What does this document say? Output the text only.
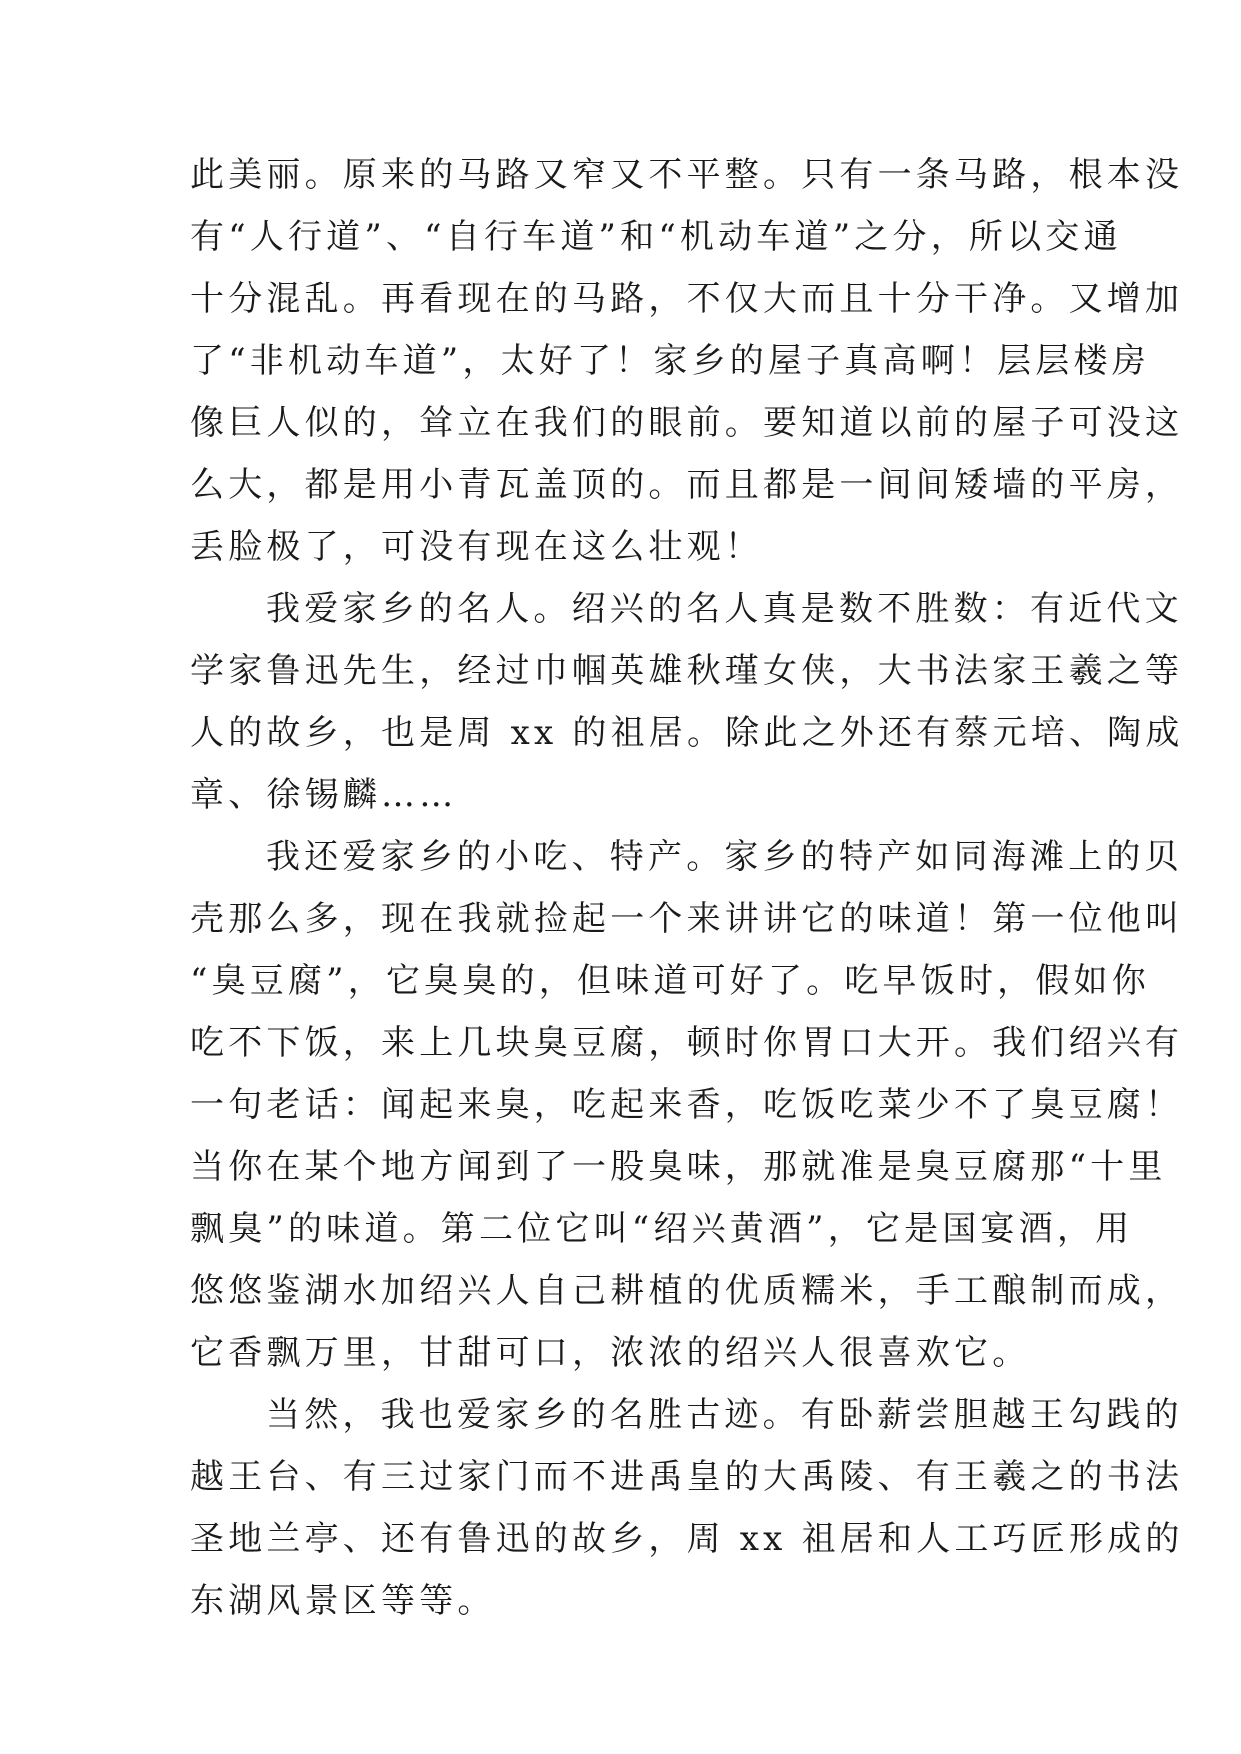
此美丽。原来的马路又窄又不平整。只有一条马路，根本没
有“人行道”、“自行车道”和“机动车道”之分，所以交通
十分混乱。再看现在的马路，不仅大而且十分干净。又增加
了“非机动车道”，太好了！家乡的屋子真高啊！层层楼房
像巨人似的，耸立在我们的眼前。要知道以前的屋子可没这
么大，都是用小青瓦盖顶的。而且都是一间间矮墙的平房，
丢脸极了，可没有现在这么壮观！
我爱家乡的名人。绍兴的名人真是数不胜数：有近代文
学家鲁迅先生，经过巾帼英雄秋瑾女侠，大书法家王羲之等
人的故乡，也是周 xx 的祖居。除此之外还有蔡元培、陶成
章、徐锡麟……
我还爱家乡的小吃、特产。家乡的特产如同海滩上的贝
壳那么多，现在我就捡起一个来讲讲它的味道！第一位他叫
“臭豆腐”，它臭臭的，但味道可好了。吃早饭时，假如你
吃不下饭，来上几块臭豆腐，顿时你胃口大开。我们绍兴有
一句老话：闻起来臭，吃起来香，吃饭吃菜少不了臭豆腐！
当你在某个地方闻到了一股臭味，那就准是臭豆腐那“十里
飘臭”的味道。第二位它叫“绍兴黄酒”，它是国宴酒，用
悠悠鉴湖水加绍兴人自己耕植的优质糯米，手工酿制而成，
它香飘万里，甘甜可口，浓浓的绍兴人很喜欢它。
当然，我也爱家乡的名胜古迹。有卧薪尝胆越王勾践的
越王台、有三过家门而不进禹皇的大禹陵、有王羲之的书法
圣地兰亭、还有鲁迅的故乡，周 xx 祖居和人工巧匠形成的
东湖风景区等等。
